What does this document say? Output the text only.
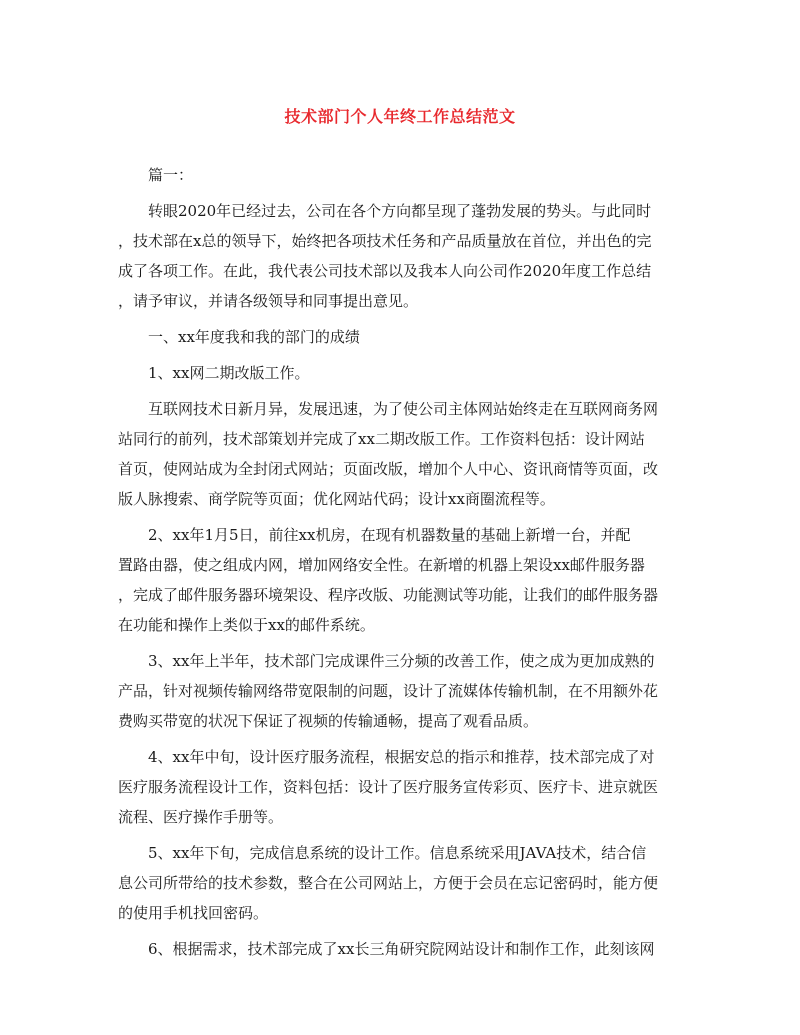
技术部门个人年终工作总结范文
篇一：
转眼2020年已经过去，公司在各个方向都呈现了蓬勃发展的势头。与此同时
，技术部在x总的领导下，始终把各项技术任务和产品质量放在首位，并出色的完
成了各项工作。在此，我代表公司技术部以及我本人向公司作2020年度工作总结
，请予审议，并请各级领导和同事提出意见。
一、xx年度我和我的部门的成绩
1、xx网二期改版工作。
互联网技术日新月异，发展迅速，为了使公司主体网站始终走在互联网商务网
站同行的前列，技术部策划并完成了xx二期改版工作。工作资料包括：设计网站
首页，使网站成为全封闭式网站；页面改版，增加个人中心、资讯商情等页面，改
版人脉搜索、商学院等页面；优化网站代码；设计xx商圈流程等。
2、xx年1月5日，前往xx机房，在现有机器数量的基础上新增一台，并配
置路由器，使之组成内网，增加网络安全性。在新增的机器上架设xx邮件服务器
，完成了邮件服务器环境架设、程序改版、功能测试等功能，让我们的邮件服务器
在功能和操作上类似于xx的邮件系统。
3、xx年上半年，技术部门完成课件三分频的改善工作，使之成为更加成熟的
产品，针对视频传输网络带宽限制的问题，设计了流媒体传输机制，在不用额外花
费购买带宽的状况下保证了视频的传输通畅，提高了观看品质。
4、xx年中旬，设计医疗服务流程，根据安总的指示和推荐，技术部完成了对
医疗服务流程设计工作，资料包括：设计了医疗服务宣传彩页、医疗卡、进京就医
流程、医疗操作手册等。
5、xx年下旬，完成信息系统的设计工作。信息系统采用JAVA技术，结合信
息公司所带给的技术参数，整合在公司网站上，方便于会员在忘记密码时，能方便
的使用手机找回密码。
6、根据需求，技术部完成了xx长三角研究院网站设计和制作工作，此刻该网
